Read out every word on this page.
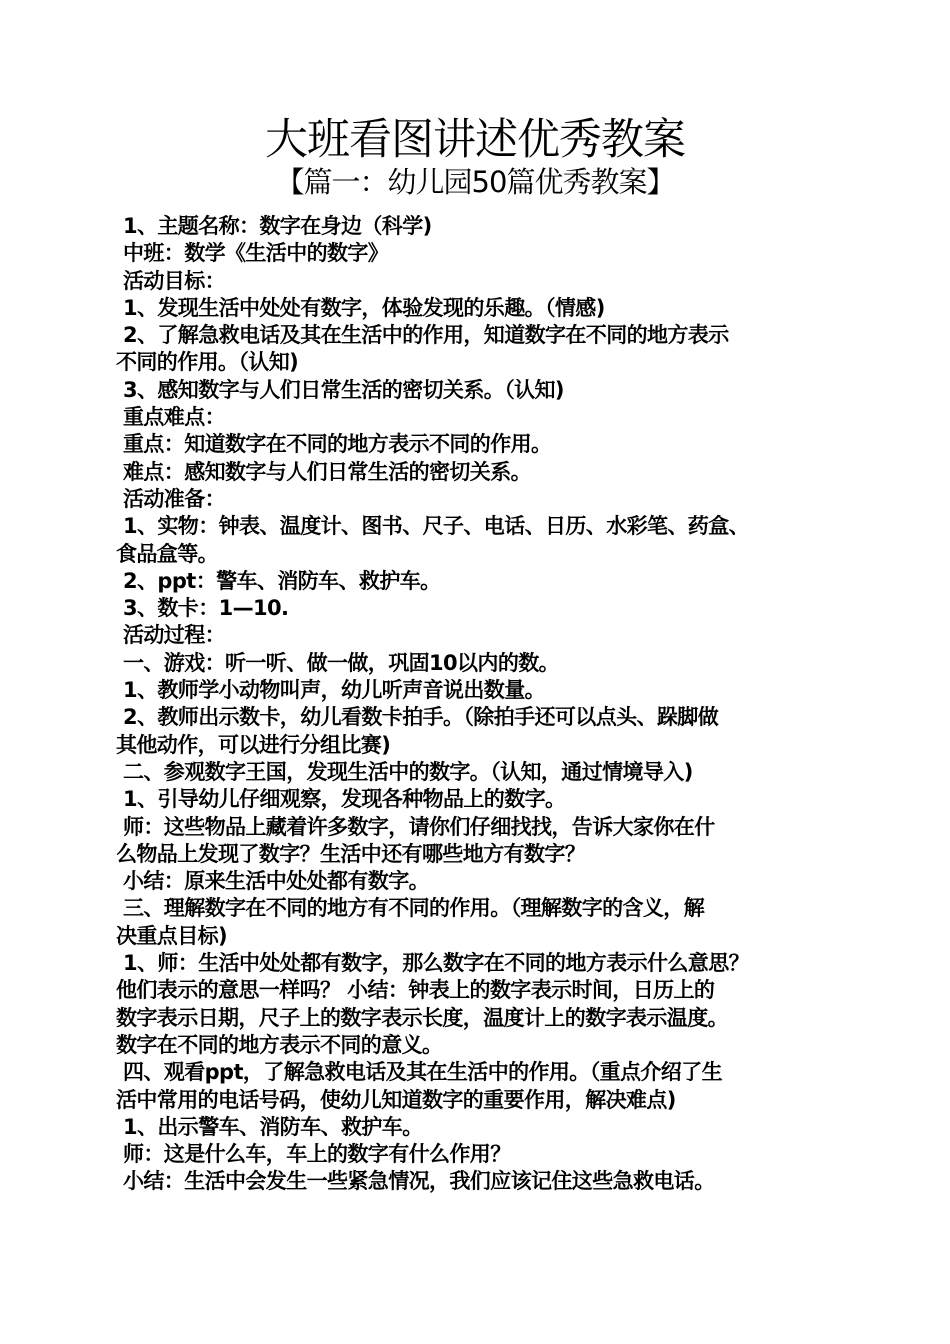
大班看图讲述优秀教案
【篇一：幼儿园50篇优秀教案】
1、主题名称：数字在身边（科学)
中班：数学《生活中的数字》
活动目标：
1、发现生活中处处有数字，体验发现的乐趣。（情感)
2、了解急救电话及其在生活中的作用，知道数字在不同的地方表示
不同的作用。（认知)
3、感知数字与人们日常生活的密切关系。（认知)
重点难点：
重点：知道数字在不同的地方表示不同的作用。
难点：感知数字与人们日常生活的密切关系。
活动准备：
1、实物：钟表、温度计、图书、尺子、电话、日历、水彩笔、药盒、
食品盒等。
2、ppt：警车、消防车、救护车。
3、数卡：1—10.
活动过程：
一、游戏：听一听、做一做，巩固10以内的数。
1、教师学小动物叫声，幼儿听声音说出数量。
2、教师出示数卡，幼儿看数卡拍手。（除拍手还可以点头、跺脚做
其他动作，可以进行分组比赛)
二、参观数字王国，发现生活中的数字。（认知，通过情境导入)
1、引导幼儿仔细观察，发现各种物品上的数字。
师：这些物品上藏着许多数字，请你们仔细找找，告诉大家你在什
么物品上发现了数字？生活中还有哪些地方有数字？
小结：原来生活中处处都有数字。
三、理解数字在不同的地方有不同的作用。（理解数字的含义，解
决重点目标)
1、师：生活中处处都有数字，那么数字在不同的地方表示什么意思？
他们表示的意思一样吗？ 小结：钟表上的数字表示时间，日历上的
数字表示日期，尺子上的数字表示长度，温度计上的数字表示温度。
数字在不同的地方表示不同的意义。
四、观看ppt，了解急救电话及其在生活中的作用。（重点介绍了生
活中常用的电话号码，使幼儿知道数字的重要作用，解决难点)
1、出示警车、消防车、救护车。
师：这是什么车，车上的数字有什么作用？
小结：生活中会发生一些紧急情况，我们应该记住这些急救电话。
